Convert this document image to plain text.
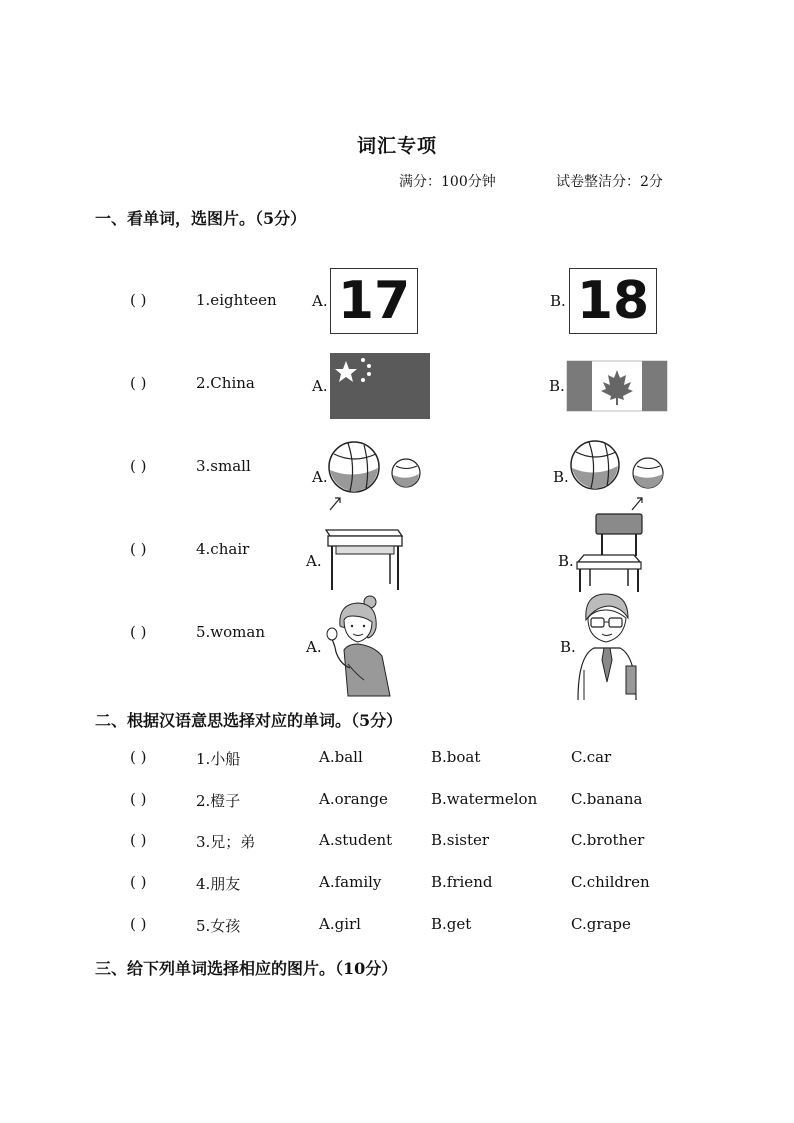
词汇专项
满分：100分钟	试卷整洁分：2分
一、看单词，选图片。（5分）
( )	1.eighteen A. 17	B. 18
( )	2.China	A.	B.
( )	3.small
A.	B.
( )	4.chair
A.	B.
( )	5.woman
A.	B.
二、根据汉语意思选择对应的单词。（5分）
( )	1.小船	A.ball	B.boat	C.car
( )	2.橙子	A.orange	B.watermelon C.banana
( )	3.兄；弟	A.student	B.sister	C.brother
( )	4.朋友	A.family	B.friend	C.children
( )	5.女孩	A.girl	B.get	C.grape
三、给下列单词选择相应的图片。（10分）
